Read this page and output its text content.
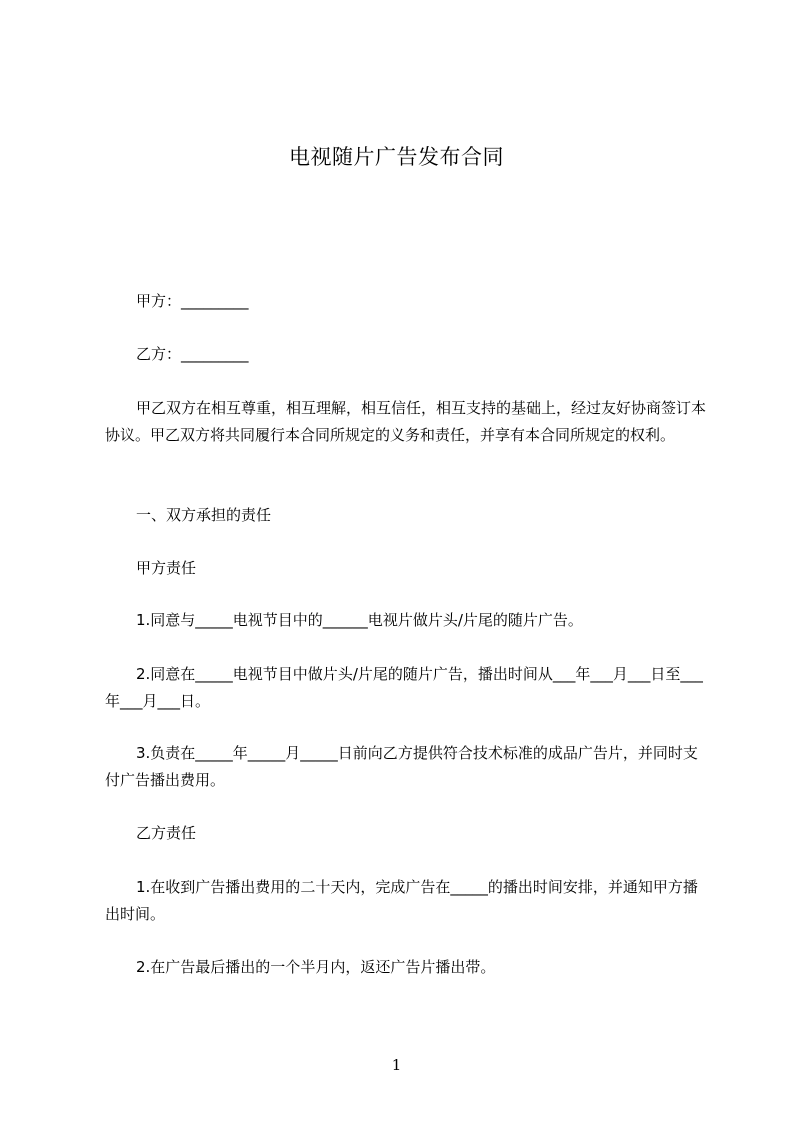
电视随片广告发布合同

甲方：_________

乙方：_________

甲乙双方在相互尊重，相互理解，相互信任，相互支持的基础上，经过友好协商签订本协议。甲乙双方将共同履行本合同所规定的义务和责任，并享有本合同所规定的权利。

一、双方承担的责任

甲方责任

1.同意与_____电视节目中的______电视片做片头/片尾的随片广告。

2.同意在_____电视节目中做片头/片尾的随片广告，播出时间从___年___月___日至___年___月___日。

3.负责在_____年_____月_____日前向乙方提供符合技术标准的成品广告片，并同时支付广告播出费用。

乙方责任

1.在收到广告播出费用的二十天内，完成广告在_____的播出时间安排，并通知甲方播出时间。

2.在广告最后播出的一个半月内，返还广告片播出带。

1
